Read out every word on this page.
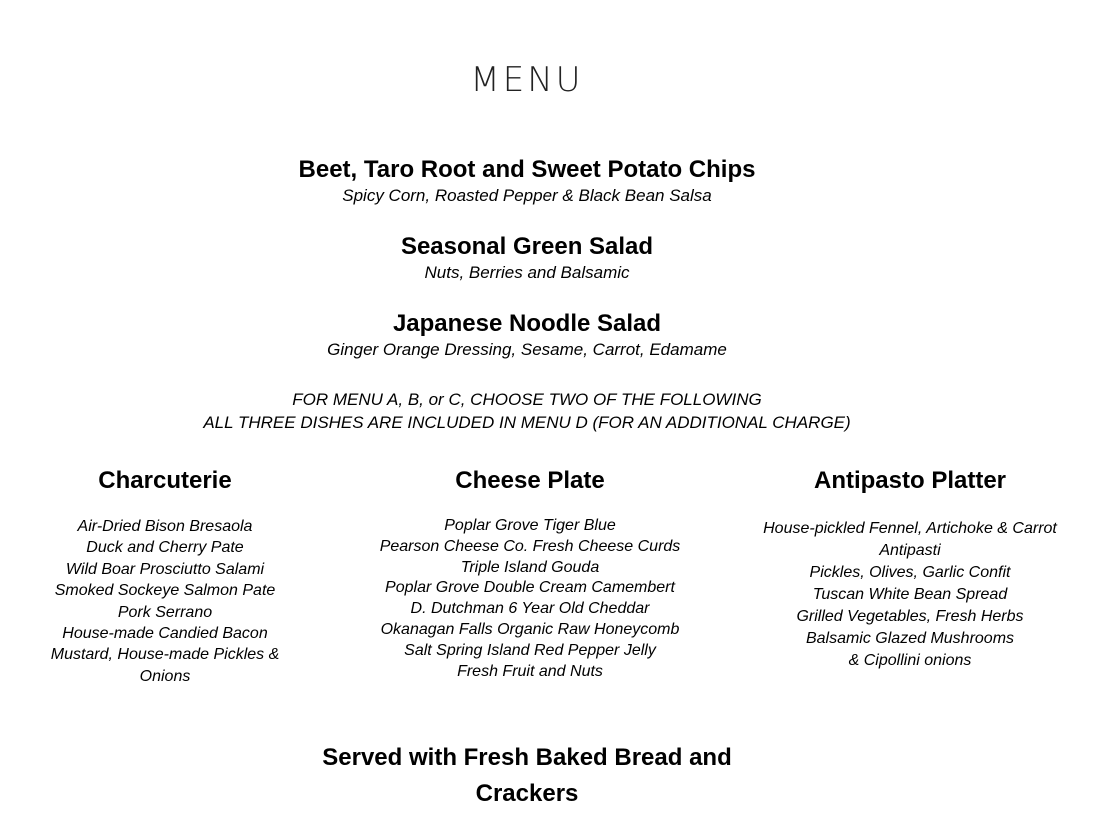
MENU
Beet, Taro Root and Sweet Potato Chips
Spicy Corn, Roasted Pepper & Black Bean Salsa
Seasonal Green Salad
Nuts, Berries and Balsamic
Japanese Noodle Salad
Ginger Orange Dressing, Sesame, Carrot, Edamame
FOR MENU A, B, or C, CHOOSE TWO OF THE FOLLOWING
ALL THREE DISHES ARE INCLUDED IN MENU D (FOR AN ADDITIONAL CHARGE)
Charcuterie
Air-Dried Bison Bresaola
Duck and Cherry Pate
Wild Boar Prosciutto Salami
Smoked Sockeye Salmon Pate
Pork Serrano
House-made Candied Bacon
Mustard, House-made Pickles &
Onions
Cheese Plate
Poplar Grove Tiger Blue
Pearson Cheese Co. Fresh Cheese Curds
Triple Island Gouda
Poplar Grove Double Cream Camembert
D. Dutchman 6 Year Old Cheddar
Okanagan Falls Organic Raw Honeycomb
Salt Spring Island Red Pepper Jelly
Fresh Fruit and Nuts
Antipasto Platter
House-pickled Fennel, Artichoke & Carrot
Antipasti
Pickles, Olives, Garlic Confit
Tuscan White Bean Spread
Grilled Vegetables, Fresh Herbs
Balsamic Glazed Mushrooms
& Cipollini onions
Served with Fresh Baked Bread and
Crackers
